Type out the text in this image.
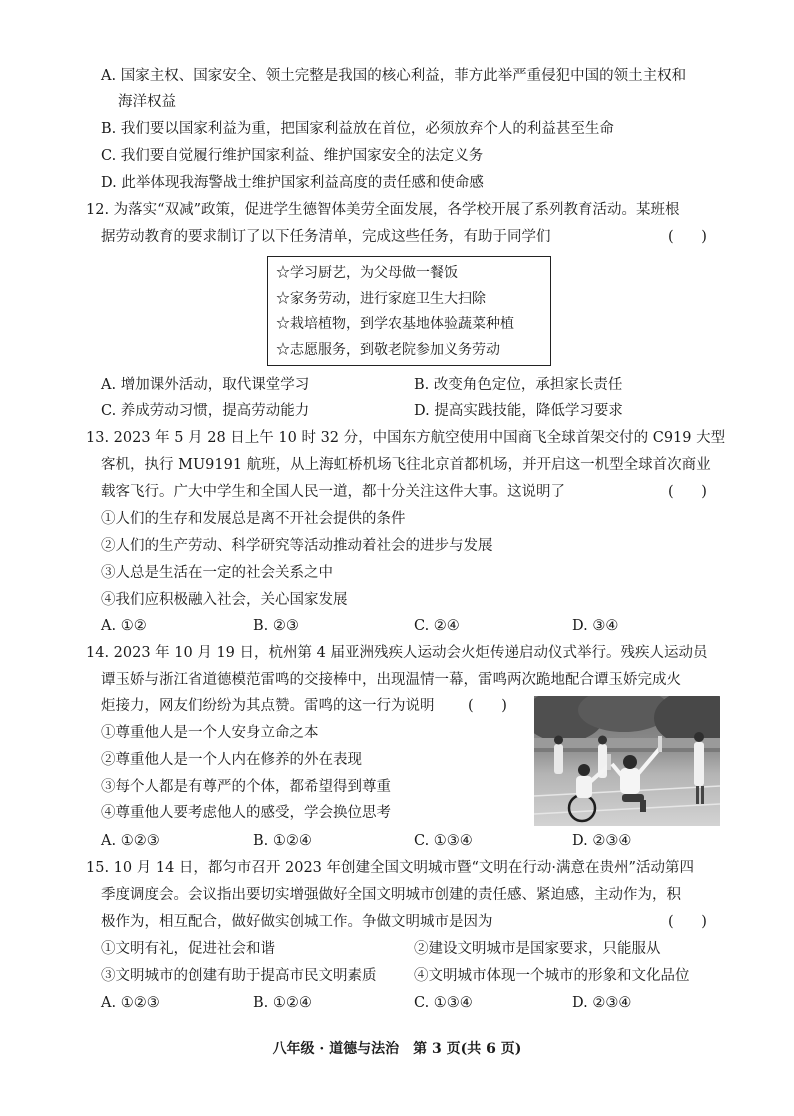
A. 国家主权、国家安全、领土完整是我国的核心利益，菲方此举严重侵犯中国的领土主权和
海洋权益
B. 我们要以国家利益为重，把国家利益放在首位，必须放弃个人的利益甚至生命
C. 我们要自觉履行维护国家利益、维护国家安全的法定义务
D. 此举体现我海警战士维护国家利益高度的责任感和使命感
12. 为落实“双减”政策，促进学生德智体美劳全面发展，各学校开展了系列教育活动。某班根
据劳动教育的要求制订了以下任务清单，完成这些任务，有助于同学们	(      )
☆学习厨艺，为父母做一餐饭
☆家务劳动，进行家庭卫生大扫除
☆栽培植物，到学农基地体验蔬菜种植
☆志愿服务，到敬老院参加义务劳动
A. 增加课外活动，取代课堂学习	B. 改变角色定位，承担家长责任
C. 养成劳动习惯，提高劳动能力	D. 提高实践技能，降低学习要求
13. 2023 年 5 月 28 日上午 10 时 32 分，中国东方航空使用中国商飞全球首架交付的 C919 大型
客机，执行 MU9191 航班，从上海虹桥机场飞往北京首都机场，并开启这一机型全球首次商业
载客飞行。广大中学生和全国人民一道，都十分关注这件大事。这说明了	(      )
①人们的生存和发展总是离不开社会提供的条件
②人们的生产劳动、科学研究等活动推动着社会的进步与发展
③人总是生活在一定的社会关系之中
④我们应积极融入社会，关心国家发展
A. ①②	B. ②③	C. ②④	D. ③④
14. 2023 年 10 月 19 日，杭州第 4 届亚洲残疾人运动会火炬传递启动仪式举行。残疾人运动员
谭玉娇与浙江省道德模范雷鸣的交接棒中，出现温情一幕，雷鸣两次跪地配合谭玉娇完成火
炬接力，网友们纷纷为其点赞。雷鸣的这一行为说明 (      )
①尊重他人是一个人安身立命之本
②尊重他人是一个人内在修养的外在表现
③每个人都是有尊严的个体，都希望得到尊重
④尊重他人要考虑他人的感受，学会换位思考
A. ①②③	B. ①②④	C. ①③④	D. ②③④
15. 10 月 14 日，都匀市召开 2023 年创建全国文明城市暨“文明在行动·满意在贵州”活动第四
季度调度会。会议指出要切实增强做好全国文明城市创建的责任感、紧迫感，主动作为，积
极作为，相互配合，做好做实创城工作。争做文明城市是因为	(      )
①文明有礼，促进社会和谐	②建设文明城市是国家要求，只能服从
③文明城市的创建有助于提高市民文明素质	④文明城市体现一个城市的形象和文化品位
A. ①②③	B. ①②④	C. ①③④	D. ②③④
八年级 · 道德与法治　第 3 页(共 6 页)
